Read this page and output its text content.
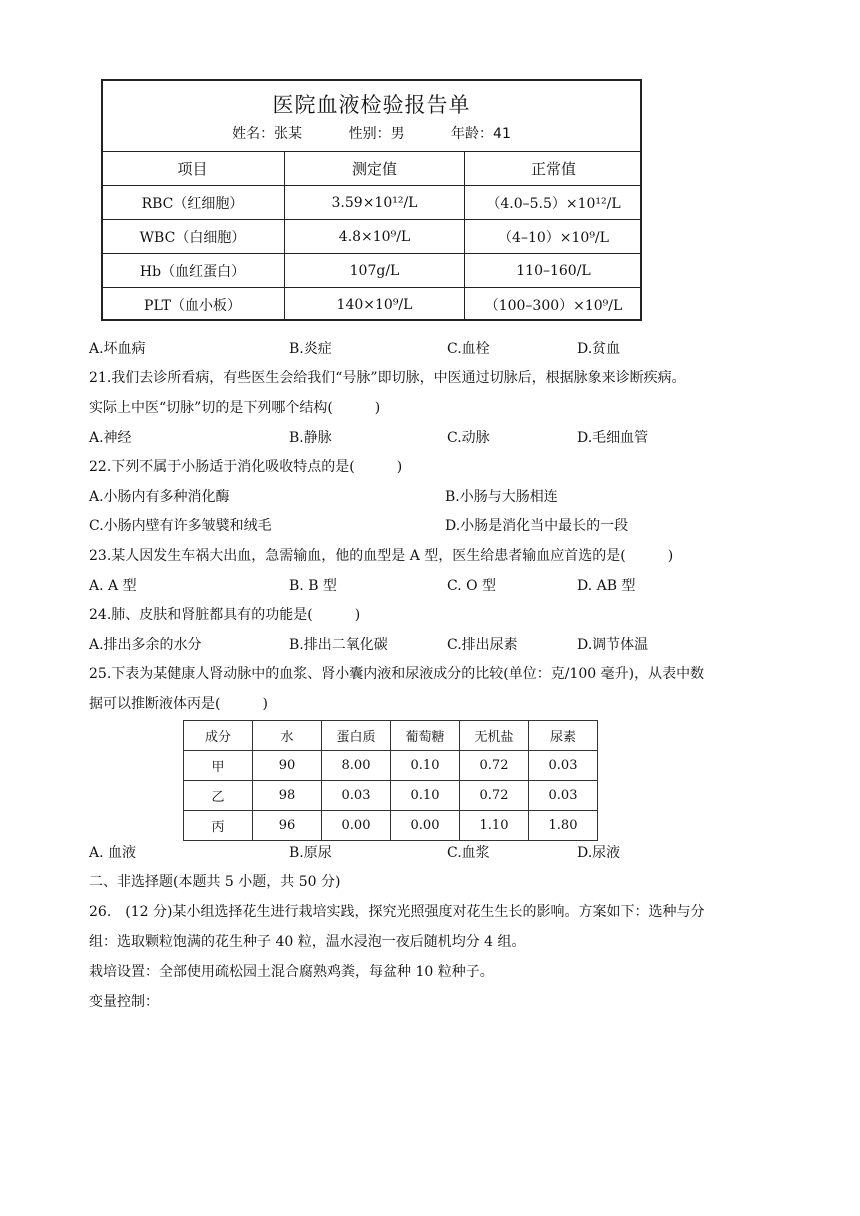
医院血液检验报告单
姓名：张某	性别：男	年龄：41
项目	测定值	正常值
RBC（红细胞）	3.59×10¹²/L	（4.0–5.5）×10¹²/L
WBC（白细胞）	4.8×10⁹/L	（4–10）×10⁹/L
Hb（血红蛋白）	107g/L	110–160/L
PLT（血小板）	140×10⁹/L	（100–300）×10⁹/L
A.坏血病	B.炎症	C.血栓	D.贫血
21.我们去诊所看病，有些医生会给我们“号脉”即切脉，中医通过切脉后，根据脉象来诊断疾病。
实际上中医“切脉”切的是下列哪个结构(　　　)
A.神经	B.静脉	C.动脉	D.毛细血管
22.下列不属于小肠适于消化吸收特点的是(　　　)
A.小肠内有多种消化酶	B.小肠与大肠相连
C.小肠内壁有许多皱襞和绒毛	D.小肠是消化当中最长的一段
23.某人因发生车祸大出血，急需输血，他的血型是 A 型，医生给患者输血应首选的是(　　　)
A. A 型	B. B 型	C. O 型	D. AB 型
24.肺、皮肤和肾脏都具有的功能是(　　　)
A.排出多余的水分	B.排出二氧化碳	C.排出尿素	D.调节体温
25.下表为某健康人肾动脉中的血浆、肾小囊内液和尿液成分的比较(单位：克/100 毫升)，从表中数
据可以推断液体丙是(　　　)
成分	水	蛋白质	葡萄糖	无机盐	尿素
甲	90	8.00	0.10	0.72	0.03
乙	98	0.03	0.10	0.72	0.03
丙	96	0.00	0.00	1.10	1.80
A. 血液	B.原尿	C.血浆	D.尿液
二、非选择题(本题共 5 小题，共 50 分)
26.　(12 分)某小组选择花生进行栽培实践，探究光照强度对花生生长的影响。方案如下：选种与分
组：选取颗粒饱满的花生种子 40 粒，温水浸泡一夜后随机均分 4 组。
栽培设置：全部使用疏松园土混合腐熟鸡粪，每盆种 10 粒种子。
变量控制：
